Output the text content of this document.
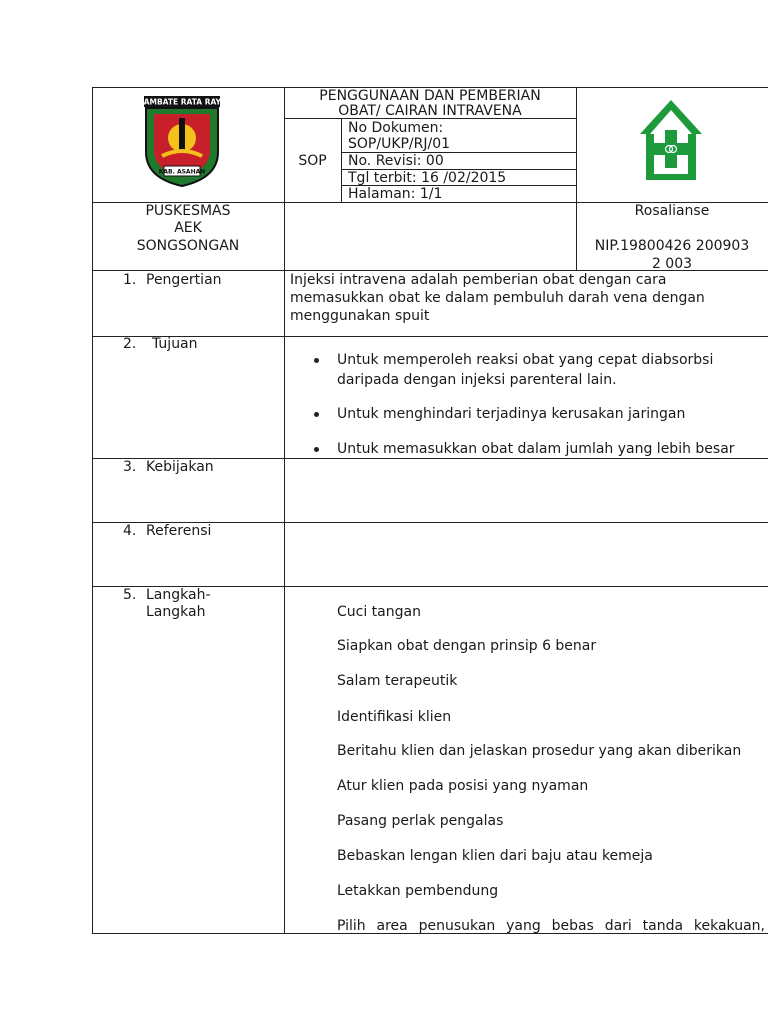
RAMBATE RATA RAYA
KAB. ASAHAN
PENGGUNAAN DAN PEMBERIAN
OBAT/ CAIRAN INTRAVENA
SOP
No Dokumen:
SOP/UKP/RJ/01
No. Revisi: 00
Tgl terbit: 16 /02/2015
Halaman: 1/1
PUSKESMAS
AEK
SONGSONGAN
Rosalianse
NIP.19800426 200903
2 003
1. Pengertian	Injeksi intravena adalah pemberian obat dengan cara
memasukkan obat ke dalam pembuluh darah vena dengan
menggunakan spuit
2. Tujuan
Untuk memperoleh reaksi obat yang cepat diabsorbsi
daripada dengan injeksi parenteral lain.
Untuk menghindari terjadinya kerusakan jaringan
Untuk memasukkan obat dalam jumlah yang lebih besar
3. Kebijakan
4. Referensi
5. Langkah-
Langkah	Cuci tangan
Siapkan obat dengan prinsip 6 benar
Salam terapeutik
Identifikasi klien
Beritahu klien dan jelaskan prosedur yang akan diberikan
Atur klien pada posisi yang nyaman
Pasang perlak pengalas
Bebaskan lengan klien dari baju atau kemeja
Letakkan pembendung
Pilih area penusukan yang bebas dari tanda kekakuan,
